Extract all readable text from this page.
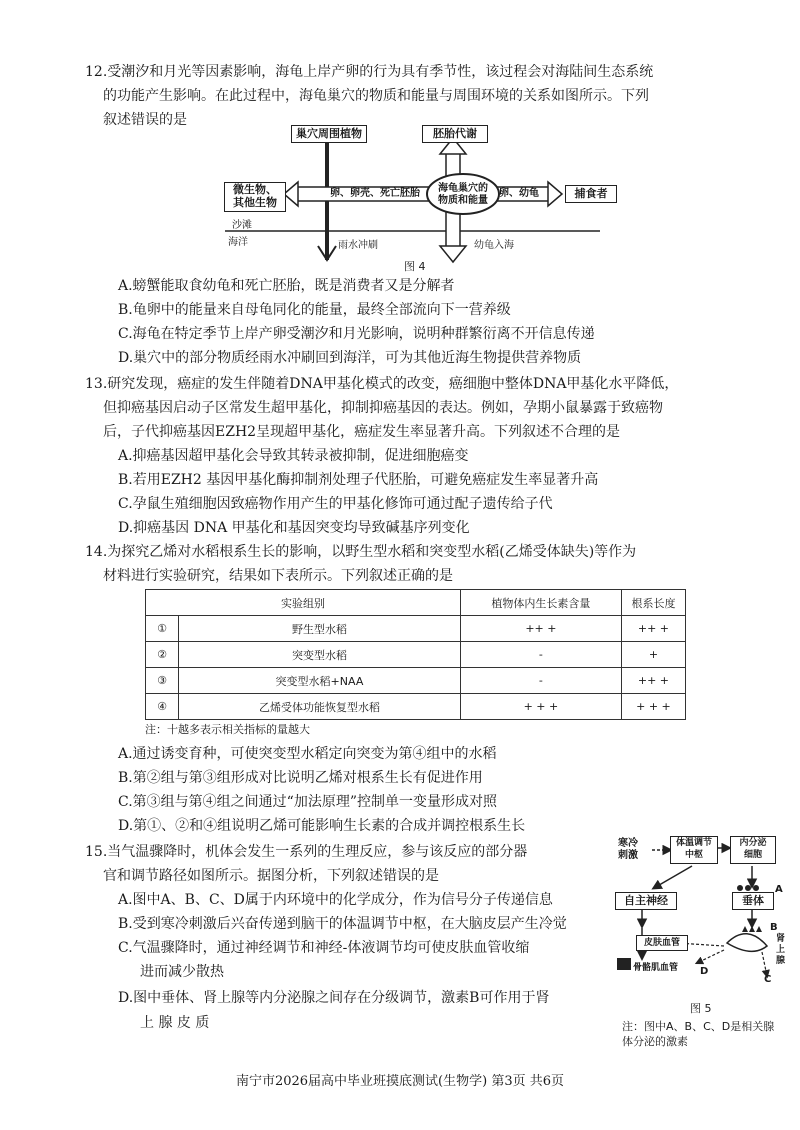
12.受潮汐和月光等因素影响，海龟上岸产卵的行为具有季节性，该过程会对海陆间生态系统
的功能产生影响。在此过程中，海龟巢穴的物质和能量与周围环境的关系如图所示。下列
叙述错误的是
巢穴周围植物	胚胎代谢
微生物、
其他生物
卵、卵壳、死亡胚胎	海龟巢穴的
物质和能量
卵、幼龟	捕食者
沙滩
海洋	雨水冲刷	幼龟入海
图 4
A.螃蟹能取食幼龟和死亡胚胎，既是消费者又是分解者
B.龟卵中的能量来自母龟同化的能量，最终全部流向下一营养级
C.海龟在特定季节上岸产卵受潮汐和月光影响，说明种群繁衍离不开信息传递
D.巢穴中的部分物质经雨水冲刷回到海洋，可为其他近海生物提供营养物质
13.研究发现，癌症的发生伴随着DNA甲基化模式的改变，癌细胞中整体DNA甲基化水平降低，
但抑癌基因启动子区常发生超甲基化，抑制抑癌基因的表达。例如，孕期小鼠暴露于致癌物
后，子代抑癌基因EZH2呈现超甲基化，癌症发生率显著升高。下列叙述不合理的是
A.抑癌基因超甲基化会导致其转录被抑制，促进细胞癌变
B.若用EZH2 基因甲基化酶抑制剂处理子代胚胎，可避免癌症发生率显著升高
C.孕鼠生殖细胞因致癌物作用产生的甲基化修饰可通过配子遗传给子代
D.抑癌基因 DNA 甲基化和基因突变均导致碱基序列变化
14.为探究乙烯对水稻根系生长的影响，以野生型水稻和突变型水稻(乙烯受体缺失)等作为
材料进行实验研究，结果如下表所示。下列叙述正确的是
实验组别		植物体内生长素含量	根系长度
①	野生型水稻	++ +	++ +
②	突变型水稻	-	+
③	突变型水稻+NAA	-	++ +
④	乙烯受体功能恢复型水稻	+ + +	+ + +
注：十越多表示相关指标的量越大
A.通过诱变育种，可使突变型水稻定向突变为第④组中的水稻
B.第②组与第③组形成对比说明乙烯对根系生长有促进作用
C.第③组与第④组之间通过“加法原理”控制单一变量形成对照
D.第①、②和④组说明乙烯可能影响生长素的合成并调控根系生长
15.当气温骤降时，机体会发生一系列的生理反应，参与该反应的部分器
官和调节路径如图所示。据图分析，下列叙述错误的是
A.图中A、B、C、D属于内环境中的化学成分，作为信号分子传递信息
B.受到寒冷刺激后兴奋传递到脑干的体温调节中枢，在大脑皮层产生冷觉
C.气温骤降时，通过神经调节和神经-体液调节均可使皮肤血管收缩
进而减少散热
D.图中垂体、肾上腺等内分泌腺之间存在分级调节，激素B可作用于肾
上 腺 皮 质
寒冷
刺激
体温调节
中枢
内分泌
细胞
自主神经	垂体
A
B
C
D
皮肤血管	肾上腺
骨骼肌血管
图 5
注：图中A、B、C、D是相关腺
体分泌的激素
南宁市2026届高中毕业班摸底测试(生物学) 第3页 共6页
